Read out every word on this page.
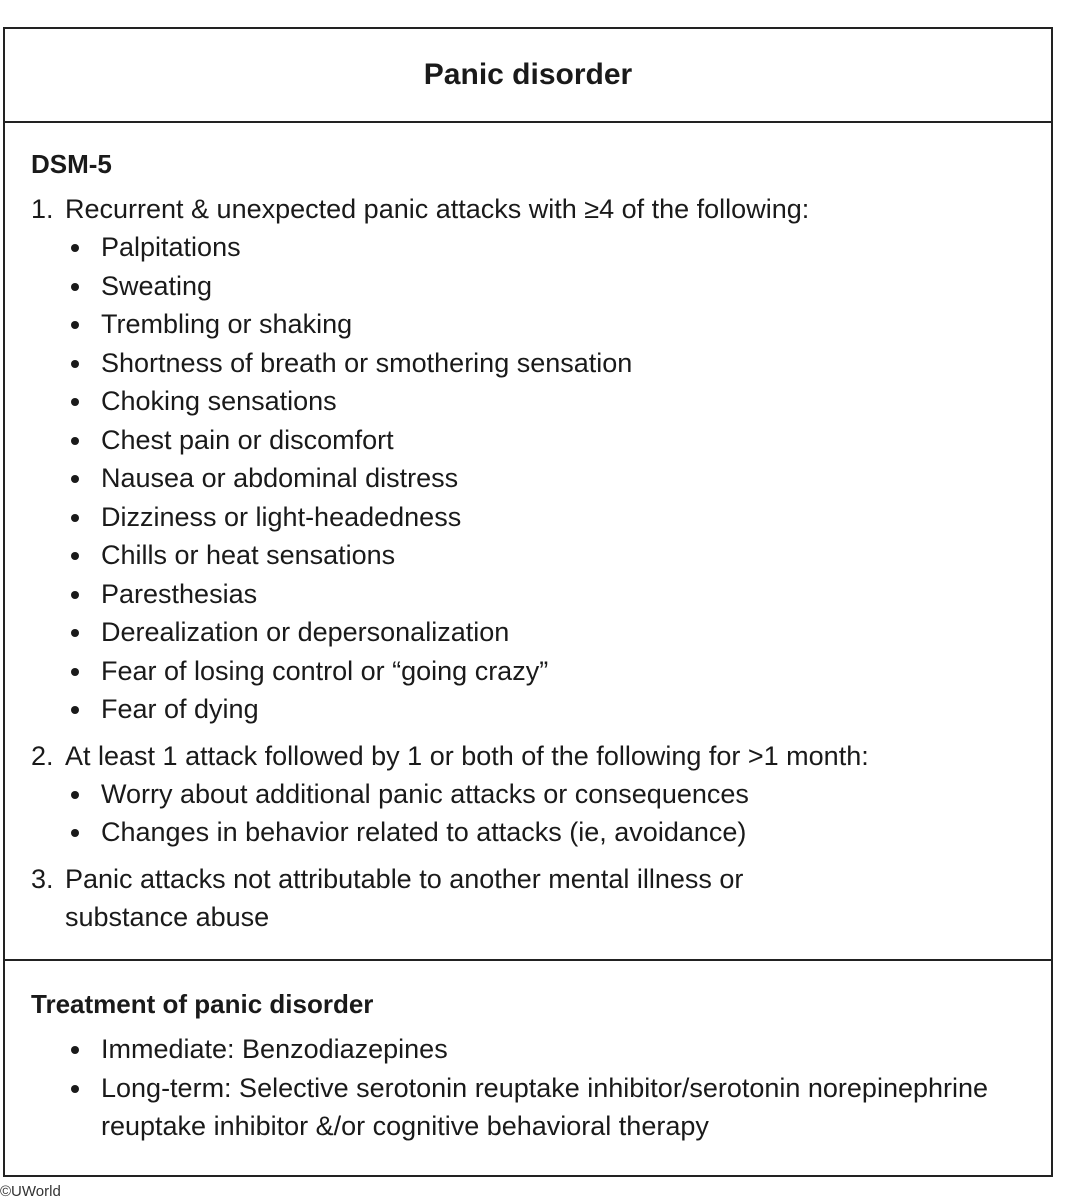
Panic disorder
DSM-5
1. Recurrent & unexpected panic attacks with ≥4 of the following:
Palpitations
Sweating
Trembling or shaking
Shortness of breath or smothering sensation
Choking sensations
Chest pain or discomfort
Nausea or abdominal distress
Dizziness or light-headedness
Chills or heat sensations
Paresthesias
Derealization or depersonalization
Fear of losing control or “going crazy”
Fear of dying
2. At least 1 attack followed by 1 or both of the following for >1 month:
Worry about additional panic attacks or consequences
Changes in behavior related to attacks (ie, avoidance)
3. Panic attacks not attributable to another mental illness or substance abuse
Treatment of panic disorder
Immediate: Benzodiazepines
Long-term: Selective serotonin reuptake inhibitor/serotonin norepinephrine reuptake inhibitor &/or cognitive behavioral therapy
©UWorld
